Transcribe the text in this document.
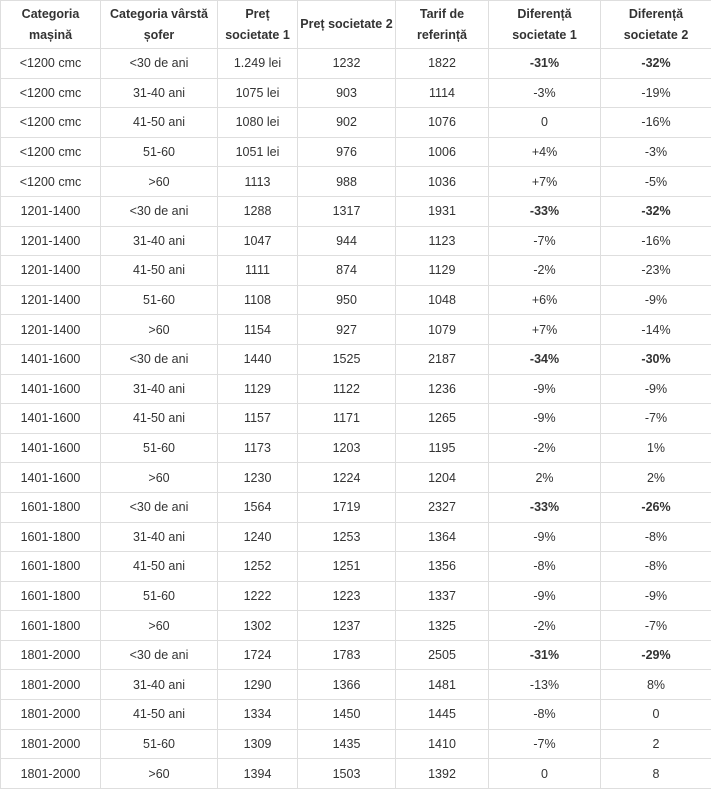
Categoria mașină	Categoria vârstă șofer	Preț societate 1	Preț societate 2	Tarif de referință	Diferență societate 1	Diferență societate 2
<1200 cmc	<30 de ani	1.249 lei	1232	1822	-31%	-32%
<1200 cmc	31-40 ani	1075 lei	903	1114	-3%	-19%
<1200 cmc	41-50 ani	1080 lei	902	1076	0	-16%
<1200 cmc	51-60	1051 lei	976	1006	+4%	-3%
<1200 cmc	>60	1113	988	1036	+7%	-5%
1201-1400	<30 de ani	1288	1317	1931	-33%	-32%
1201-1400	31-40 ani	1047	944	1123	-7%	-16%
1201-1400	41-50 ani	1111	874	1129	-2%	-23%
1201-1400	51-60	1108	950	1048	+6%	-9%
1201-1400	>60	1154	927	1079	+7%	-14%
1401-1600	<30 de ani	1440	1525	2187	-34%	-30%
1401-1600	31-40 ani	1129	1122	1236	-9%	-9%
1401-1600	41-50 ani	1157	1171	1265	-9%	-7%
1401-1600	51-60	1173	1203	1195	-2%	1%
1401-1600	>60	1230	1224	1204	2%	2%
1601-1800	<30 de ani	1564	1719	2327	-33%	-26%
1601-1800	31-40 ani	1240	1253	1364	-9%	-8%
1601-1800	41-50 ani	1252	1251	1356	-8%	-8%
1601-1800	51-60	1222	1223	1337	-9%	-9%
1601-1800	>60	1302	1237	1325	-2%	-7%
1801-2000	<30 de ani	1724	1783	2505	-31%	-29%
1801-2000	31-40 ani	1290	1366	1481	-13%	8%
1801-2000	41-50 ani	1334	1450	1445	-8%	0
1801-2000	51-60	1309	1435	1410	-7%	2
1801-2000	>60	1394	1503	1392	0	8
